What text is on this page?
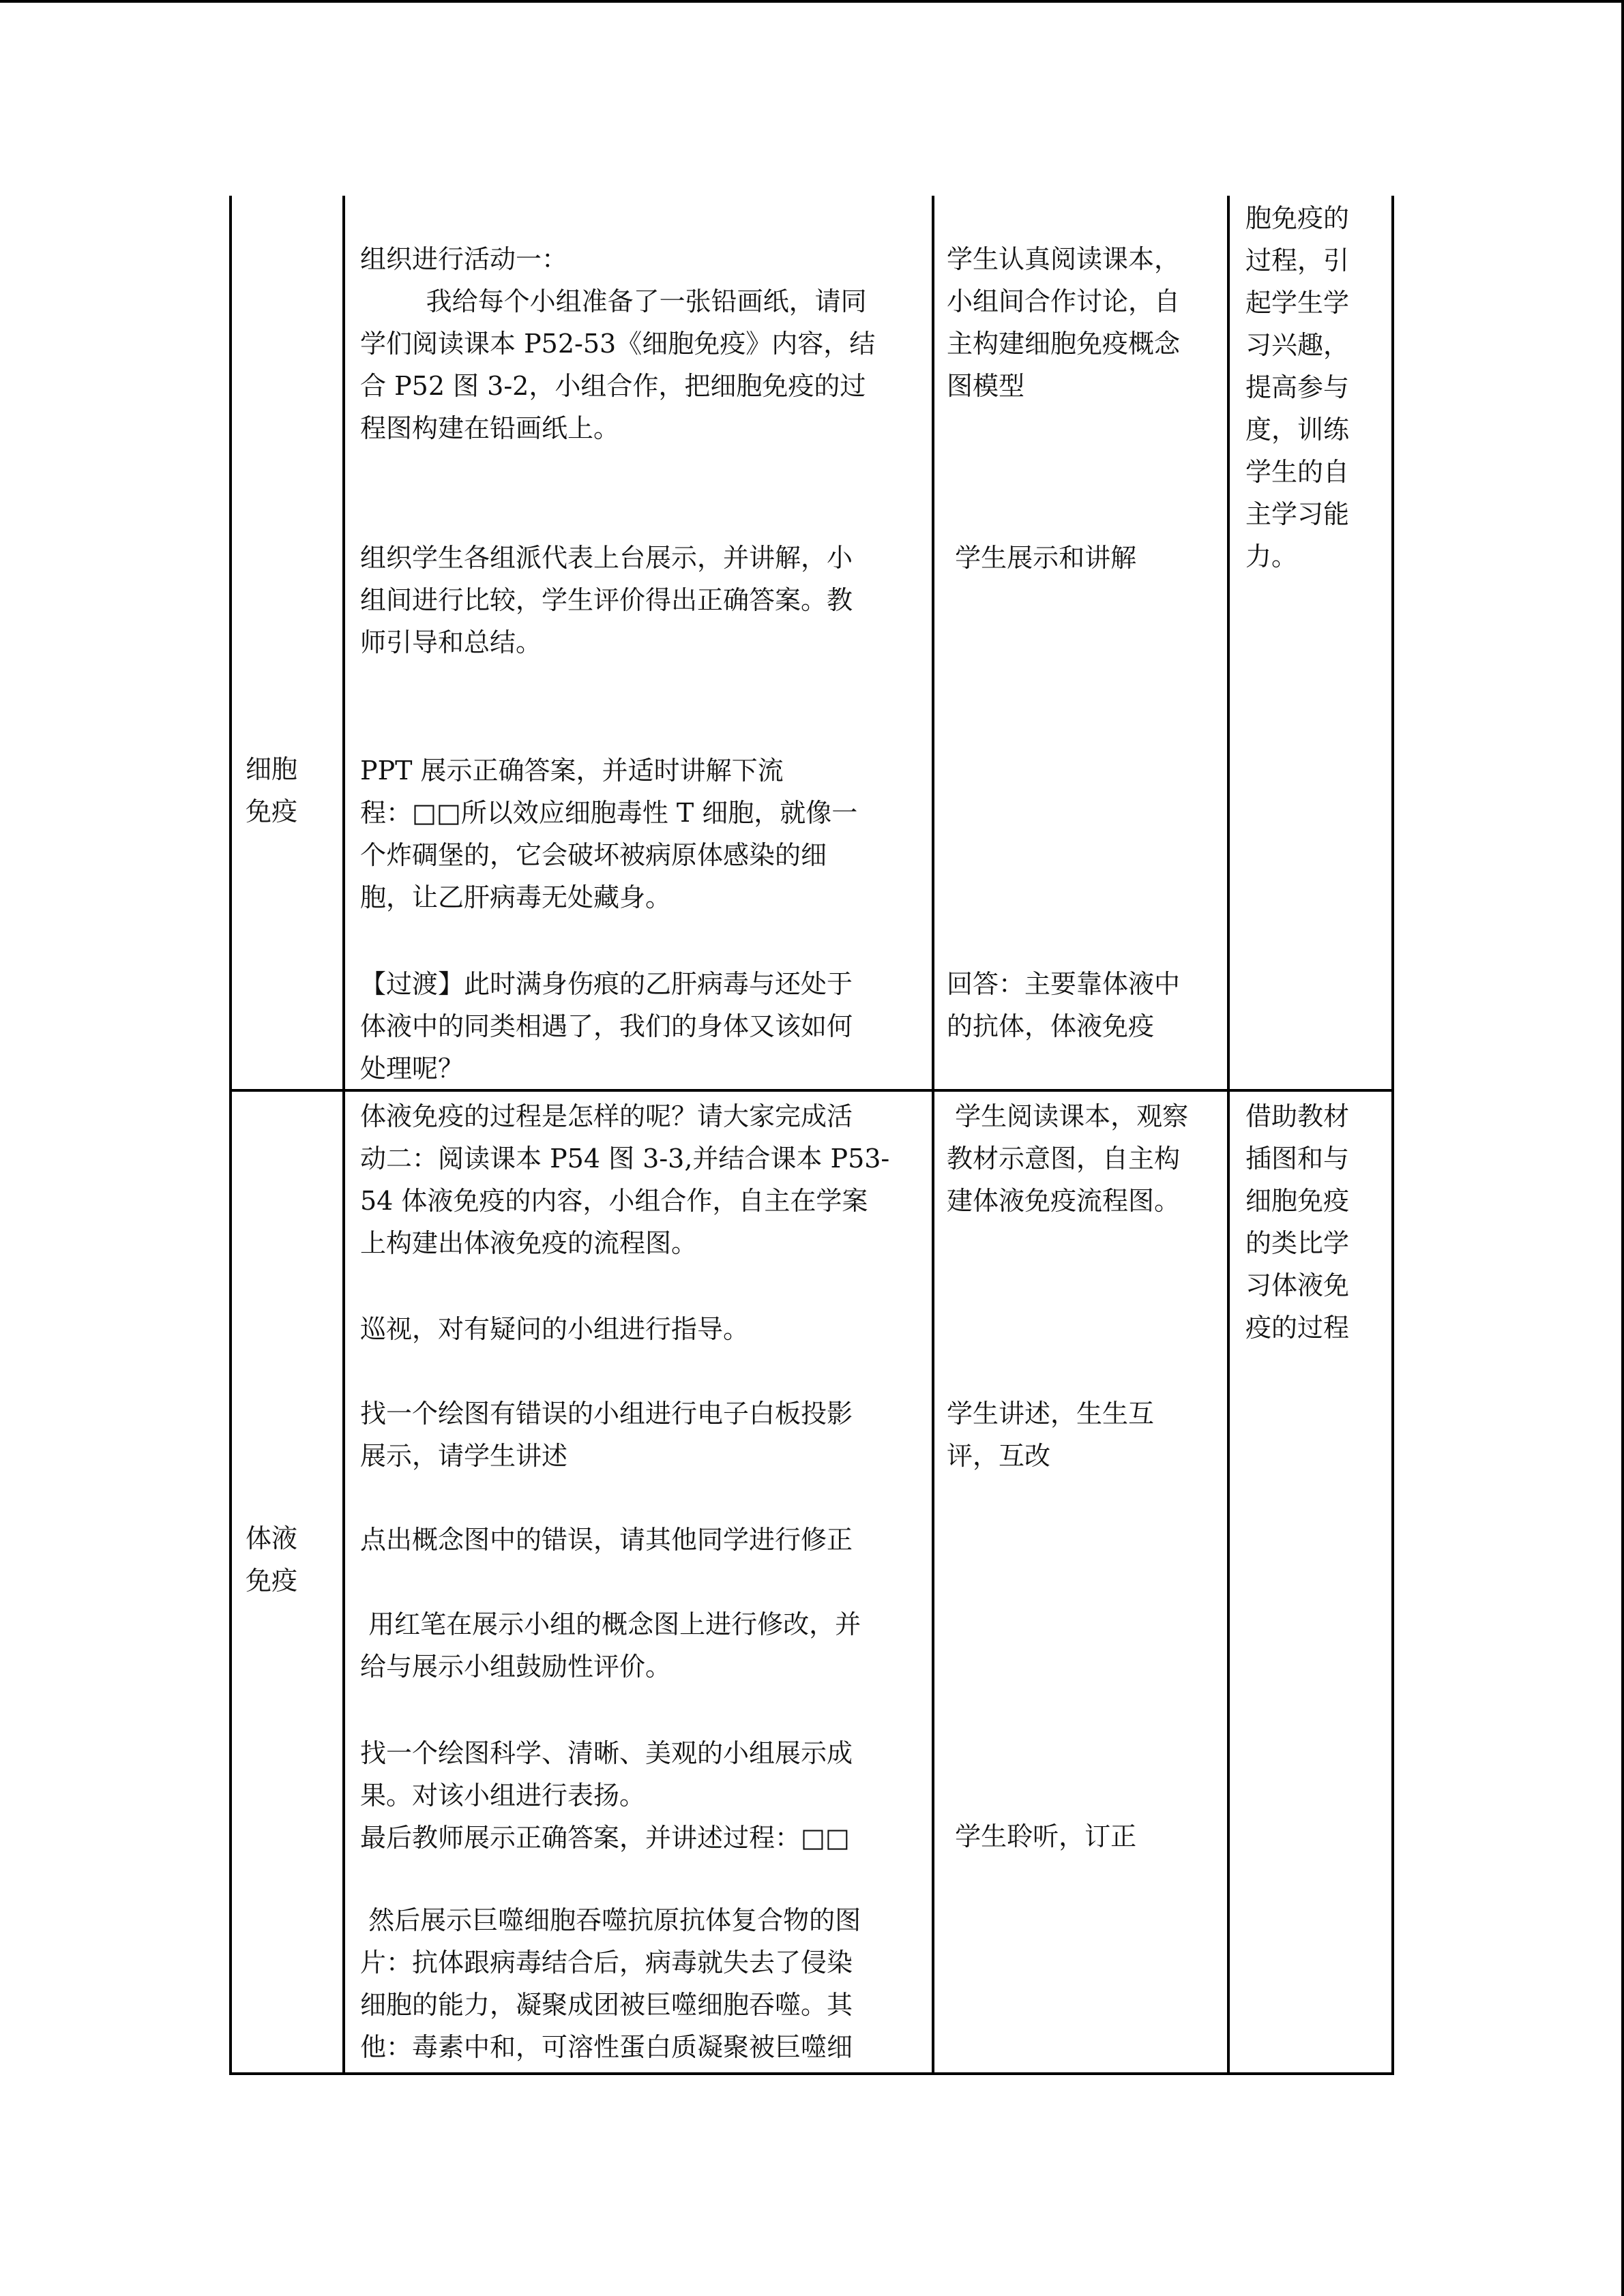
细胞
免疫
胞免疫的
过程，引
起学生学
习兴趣，
提高参与
度，训练
学生的自
主学习能
力。
组织进行活动一：
我给每个小组准备了一张铅画纸，请同
学们阅读课本 P52-53《细胞免疫》内容，结
合 P52 图 3-2，小组合作，把细胞免疫的过
程图构建在铅画纸上。
组织学生各组派代表上台展示，并讲解，小
组间进行比较，学生评价得出正确答案。教
师引导和总结。
PPT 展示正确答案，并适时讲解下流
程：□□所以效应细胞毒性 T 细胞，就像一
个炸碉堡的，它会破坏被病原体感染的细
胞，让乙肝病毒无处藏身。
【过渡】此时满身伤痕的乙肝病毒与还处于
体液中的同类相遇了，我们的身体又该如何
处理呢？
学生认真阅读课本，
小组间合作讨论，自
主构建细胞免疫概念
图模型
学生展示和讲解
回答：主要靠体液中
的抗体，体液免疫
体液
免疫
借助教材
插图和与
细胞免疫
的类比学
习体液免
疫的过程
体液免疫的过程是怎样的呢？请大家完成活
动二：阅读课本 P54 图 3-3,并结合课本 P53-
54 体液免疫的内容，小组合作，自主在学案
上构建出体液免疫的流程图。
巡视，对有疑问的小组进行指导。
找一个绘图有错误的小组进行电子白板投影
展示，请学生讲述
点出概念图中的错误，请其他同学进行修正
用红笔在展示小组的概念图上进行修改，并
给与展示小组鼓励性评价。
找一个绘图科学、清晰、美观的小组展示成
果。对该小组进行表扬。
最后教师展示正确答案，并讲述过程：□□
然后展示巨噬细胞吞噬抗原抗体复合物的图
片：抗体跟病毒结合后，病毒就失去了侵染
细胞的能力，凝聚成团被巨噬细胞吞噬。其
他：毒素中和，可溶性蛋白质凝聚被巨噬细
学生阅读课本，观察
教材示意图，自主构
建体液免疫流程图。
学生讲述，生生互
评，互改
学生聆听，订正
